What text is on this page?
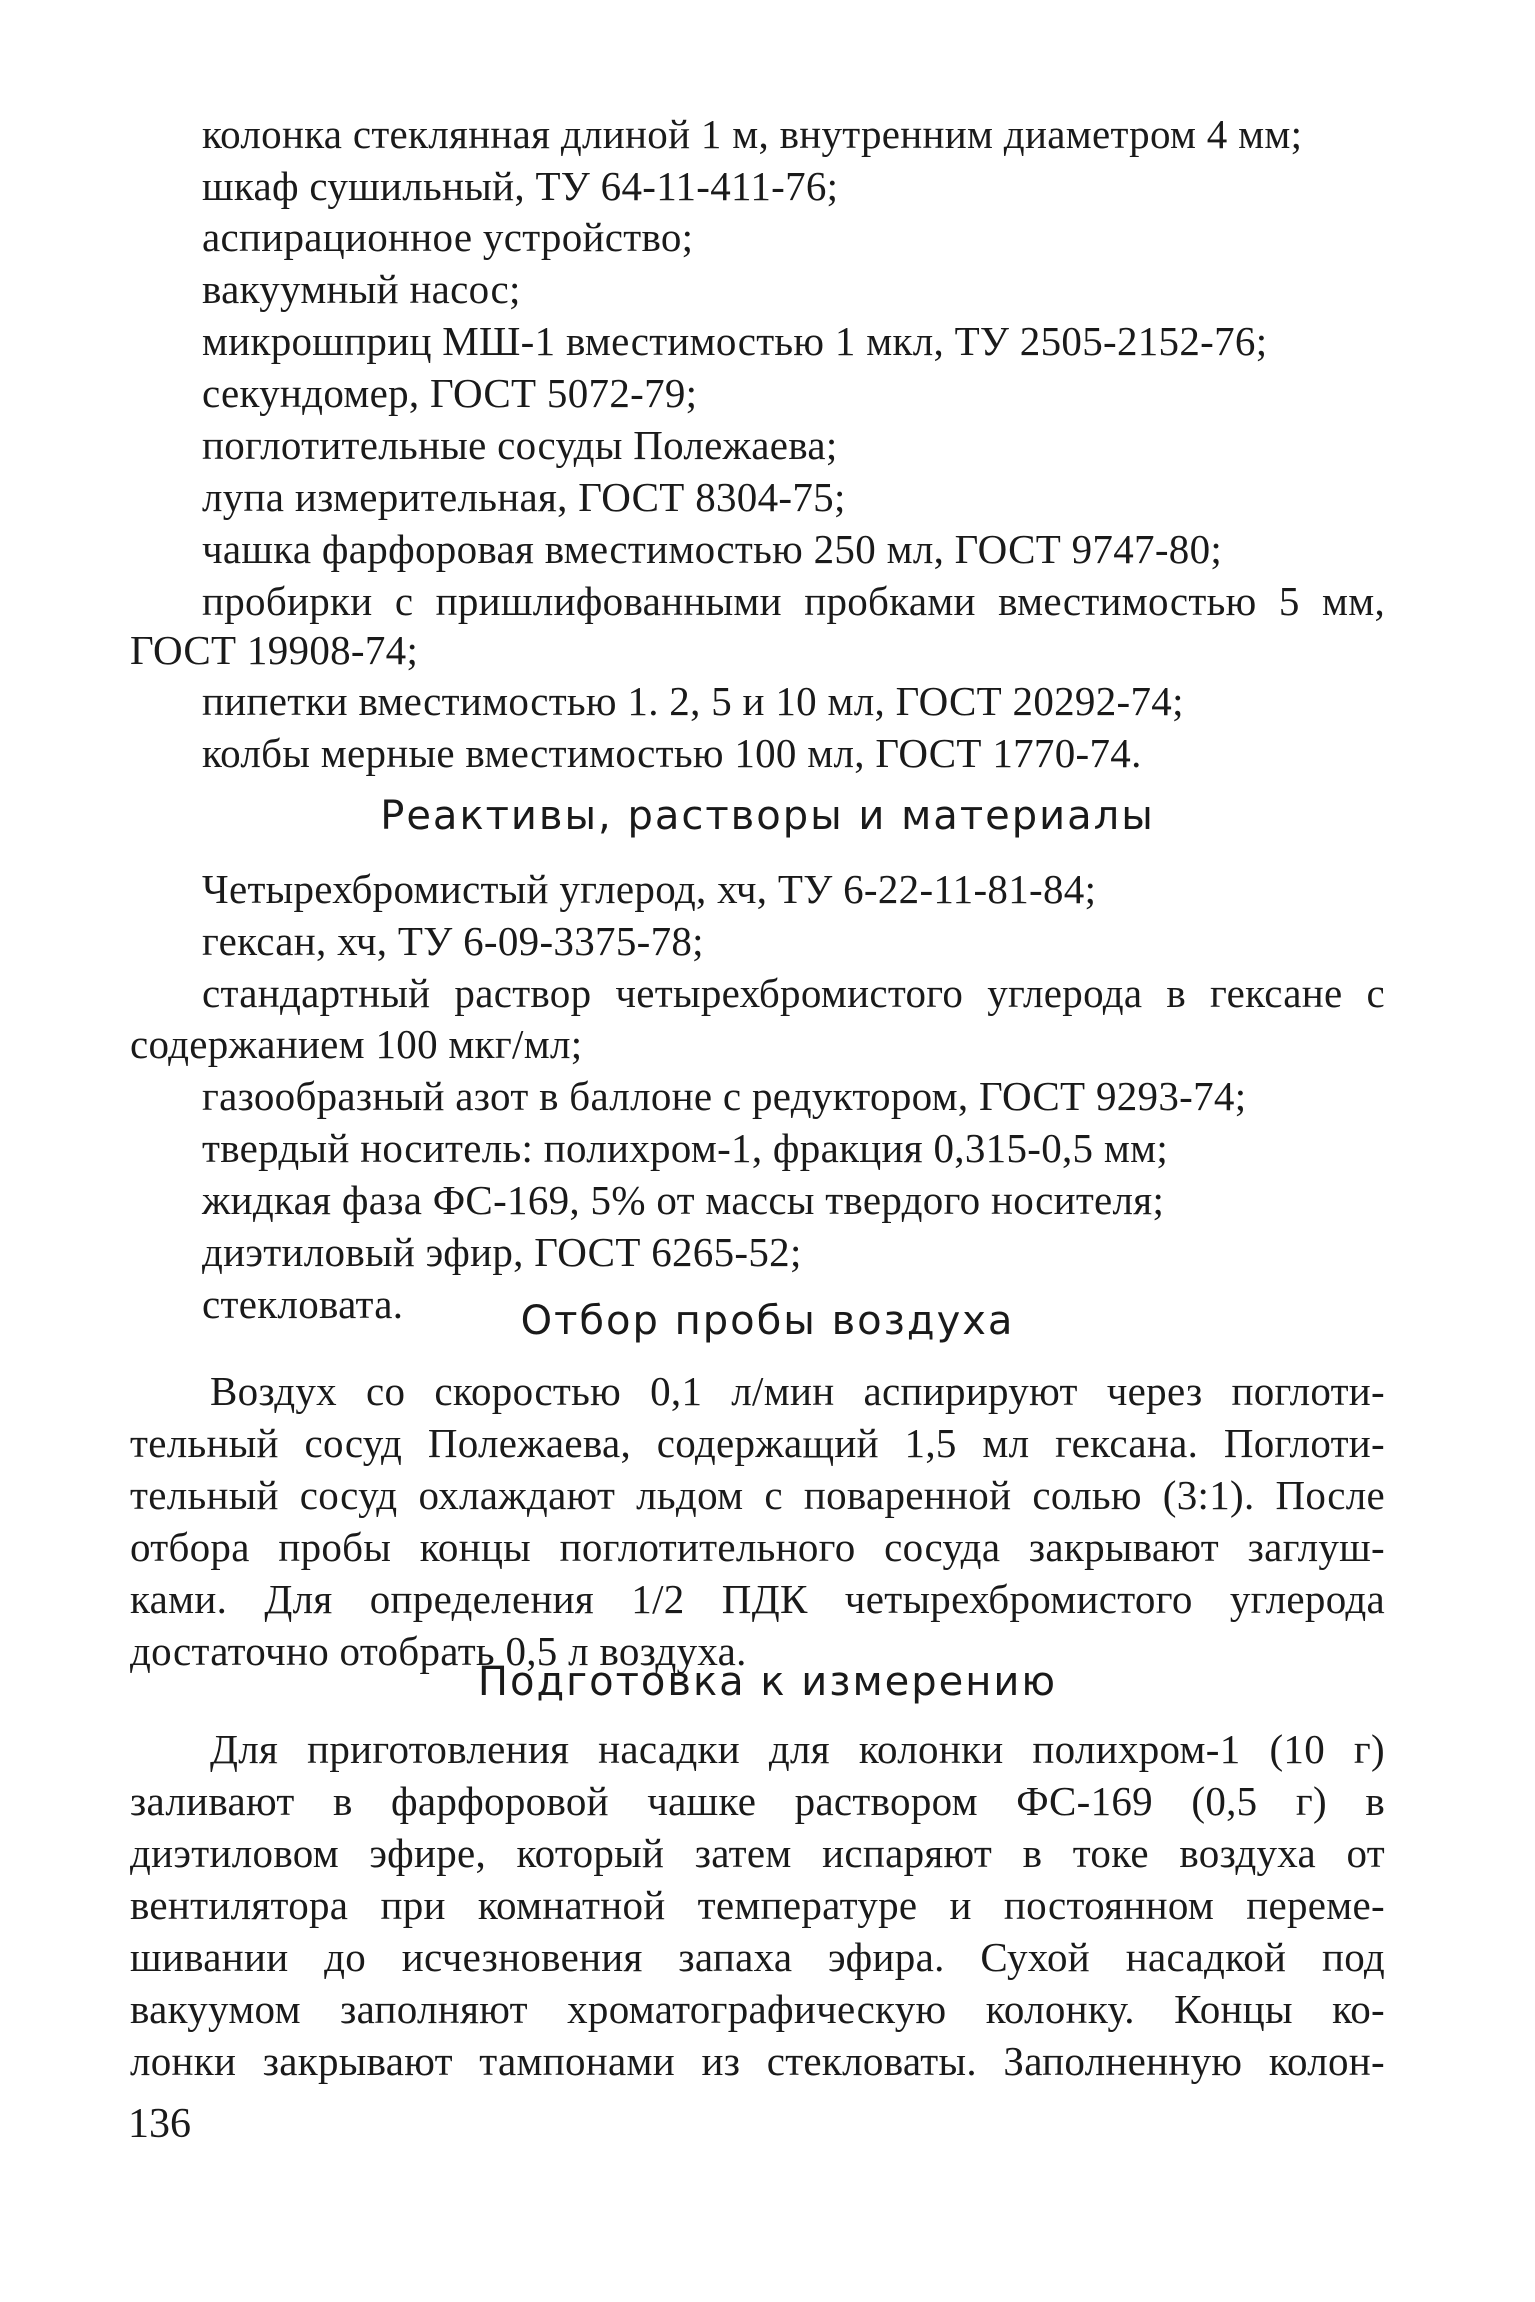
колонка стеклянная длиной 1 м, внутренним диаметром 4 мм;
шкаф сушильный, ТУ 64-11-411-76;
аспирационное устройство;
вакуумный насос;
микрошприц МШ-1 вместимостью 1 мкл, ТУ 2505-2152-76;
секундомер, ГОСТ 5072-79;
поглотительные сосуды Полежаева;
лупа измерительная, ГОСТ 8304-75;
чашка фарфоровая вместимостью 250 мл, ГОСТ 9747-80;
пробирки с пришлифованными пробками вместимостью 5 мм,
ГОСТ 19908-74;
пипетки вместимостью 1. 2, 5 и 10 мл, ГОСТ 20292-74;
колбы мерные вместимостью 100 мл, ГОСТ 1770-74.
Реактивы, растворы и материалы
Четырехбромистый углерод, хч, ТУ 6-22-11-81-84;
гексан, хч, ТУ 6-09-3375-78;
стандартный раствор четырехбромистого углерода в гексане с
содержанием 100 мкг/мл;
газообразный азот в баллоне с редуктором, ГОСТ 9293-74;
твердый носитель: полихром-1, фракция 0,315-0,5 мм;
жидкая фаза ФС-169, 5% от массы твердого носителя;
диэтиловый эфир, ГОСТ 6265-52;
стекловата.	Отбор пробы воздуха
Воздух со скоростью 0,1 л/мин аспирируют через поглоти-
тельный сосуд Полежаева, содержащий 1,5 мл гексана. Поглоти-
тельный сосуд охлаждают льдом с поваренной солью (3:1). После
отбора пробы концы поглотительного сосуда закрывают заглуш-
ками. Для определения 1/2 ПДК четырехбромистого углерода
достаточно отобрать 0,5 л воздуха.
Подготовка к измерению
Для приготовления насадки для колонки полихром-1 (10 г)
заливают в фарфоровой чашке раствором ФС-169 (0,5 г) в
диэтиловом эфире, который затем испаряют в токе воздуха от
вентилятора при комнатной температуре и постоянном переме-
шивании до исчезновения запаха эфира. Сухой насадкой под
вакуумом заполняют хроматографическую колонку. Концы ко-
лонки закрывают тампонами из стекловаты. Заполненную колон-
136
